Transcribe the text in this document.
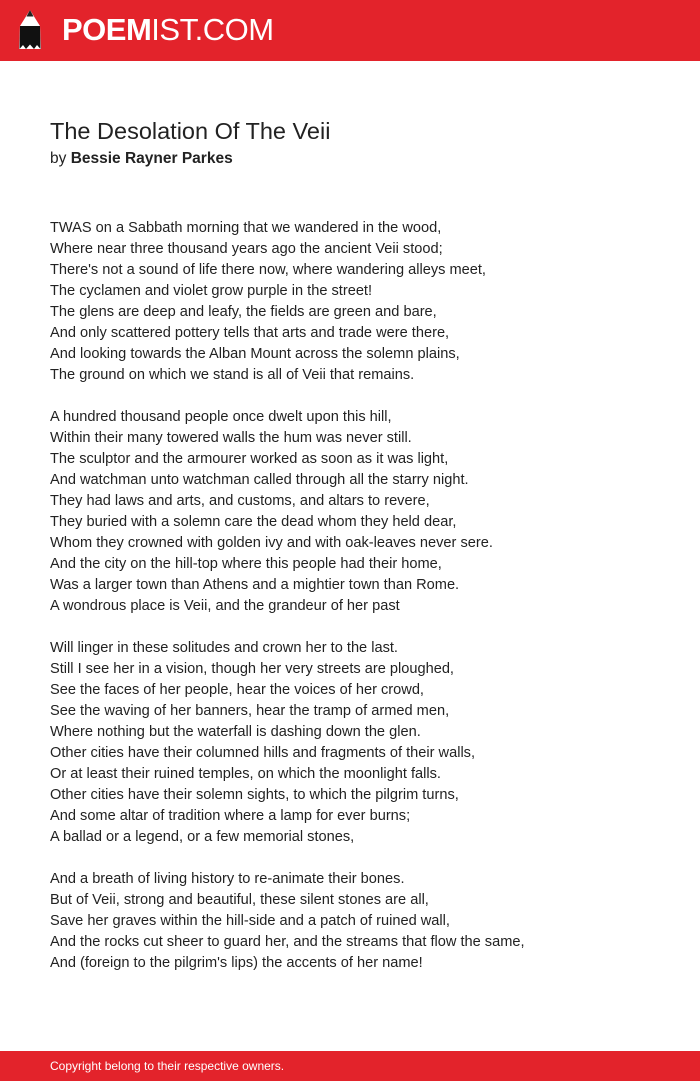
POEMIST.COM
The Desolation Of The Veii
by Bessie Rayner Parkes
TWAS on a Sabbath morning that we wandered in the wood,
Where near three thousand years ago the ancient Veii stood;
There's not a sound of life there now, where wandering alleys meet,
The cyclamen and violet grow purple in the street!
The glens are deep and leafy, the fields are green and bare,
And only scattered pottery tells that arts and trade were there,
And looking towards the Alban Mount across the solemn plains,
The ground on which we stand is all of Veii that remains.
A hundred thousand people once dwelt upon this hill,
Within their many towered walls the hum was never still.
The sculptor and the armourer worked as soon as it was light,
And watchman unto watchman called through all the starry night.
They had laws and arts, and customs, and altars to revere,
They buried with a solemn care the dead whom they held dear,
Whom they crowned with golden ivy and with oak-leaves never sere.
And the city on the hill-top where this people had their home,
Was a larger town than Athens and a mightier town than Rome.
A wondrous place is Veii, and the grandeur of her past
Will linger in these solitudes and crown her to the last.
Still I see her in a vision, though her very streets are ploughed,
See the faces of her people, hear the voices of her crowd,
See the waving of her banners, hear the tramp of armed men,
Where nothing but the waterfall is dashing down the glen.
Other cities have their columned hills and fragments of their walls,
Or at least their ruined temples, on which the moonlight falls.
Other cities have their solemn sights, to which the pilgrim turns,
And some altar of tradition where a lamp for ever burns;
A ballad or a legend, or a few memorial stones,
And a breath of living history to re-animate their bones.
But of Veii, strong and beautiful, these silent stones are all,
Save her graves within the hill-side and a patch of ruined wall,
And the rocks cut sheer to guard her, and the streams that flow the same,
And (foreign to the pilgrim's lips) the accents of her name!
Copyright belong to their respective owners.
